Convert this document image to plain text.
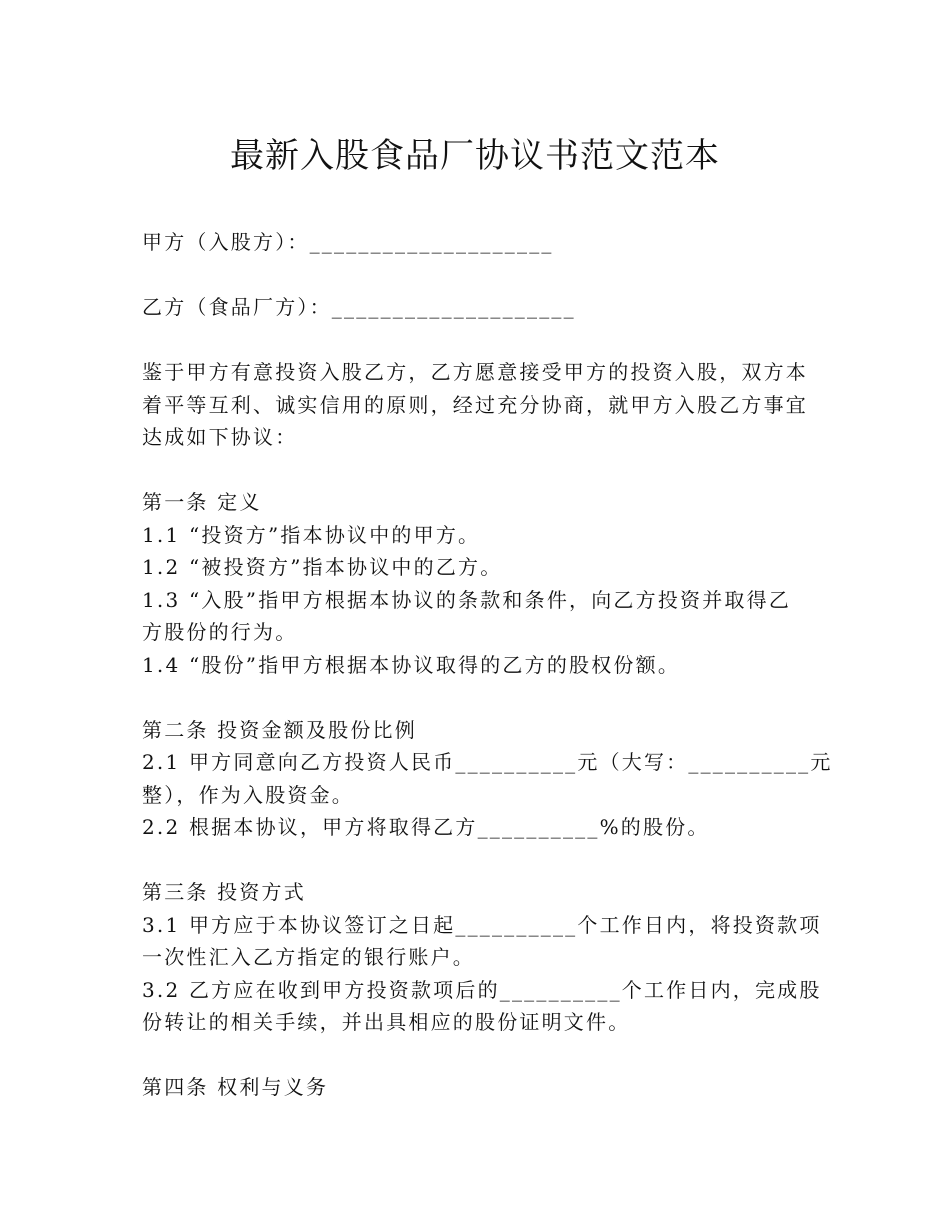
最新入股食品厂协议书范文范本
甲方（入股方）：____________________
乙方（食品厂方）：____________________
鉴于甲方有意投资入股乙方，乙方愿意接受甲方的投资入股，双方本
着平等互利、诚实信用的原则，经过充分协商，就甲方入股乙方事宜
达成如下协议：
第一条 定义
1.1 “投资方”指本协议中的甲方。
1.2 “被投资方”指本协议中的乙方。
1.3 “入股”指甲方根据本协议的条款和条件，向乙方投资并取得乙
方股份的行为。
1.4 “股份”指甲方根据本协议取得的乙方的股权份额。
第二条 投资金额及股份比例
2.1 甲方同意向乙方投资人民币__________元（大写：__________元
整），作为入股资金。
2.2 根据本协议，甲方将取得乙方__________%的股份。
第三条 投资方式
3.1 甲方应于本协议签订之日起__________个工作日内，将投资款项
一次性汇入乙方指定的银行账户。
3.2 乙方应在收到甲方投资款项后的__________个工作日内，完成股
份转让的相关手续，并出具相应的股份证明文件。
第四条 权利与义务
